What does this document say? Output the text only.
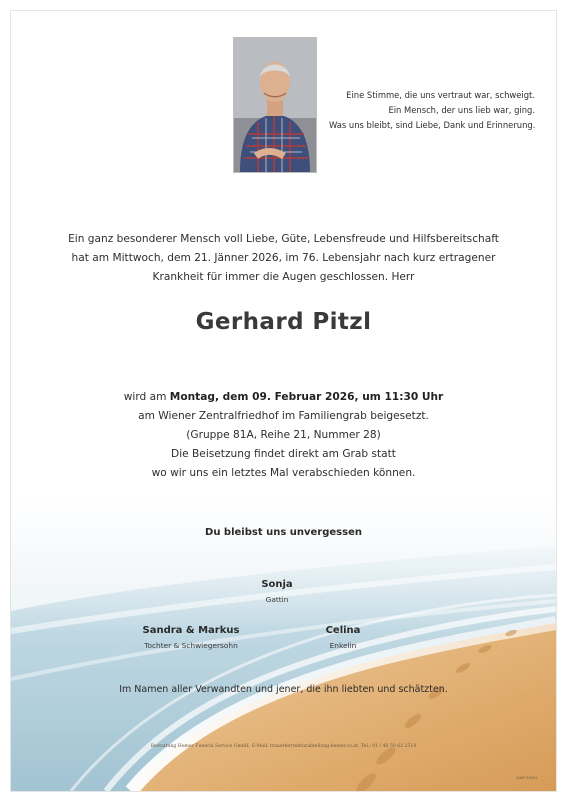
Eine Stimme, die uns vertraut war, schweigt.
Ein Mensch, der uns lieb war, ging.
Was uns bleibt, sind Liebe, Dank und Erinnerung.
Ein ganz besonderer Mensch voll Liebe, Güte, Lebensfreude und Hilfsbereitschaft
hat am Mittwoch, dem 21. Jänner 2026, im 76. Lebensjahr nach kurz ertragener
Krankheit für immer die Augen geschlossen. Herr
Gerhard Pitzl
wird am Montag, dem 09. Februar 2026, um 11:30 Uhr
am Wiener Zentralfriedhof im Familiengrab beigesetzt.
(Gruppe 81A, Reihe 21, Nummer 28)
Die Beisetzung findet direkt am Grab statt
wo wir uns ein letztes Mal verabschieden können.
Du bleibst uns unvergessen
Sonja
Gattin
Sandra & Markus
Tochter & Schwiegersohn
Celina
Enkelin
Im Namen aller Verwandten und jener, die ihn liebten und schätzten.
Bestattung Hemer Funeral Service GmbH, E-Mail: trauerkorrekturabteilung-hemer.co.at, Tel.: 01 / 46 50 62 2514
GAP 9/562
